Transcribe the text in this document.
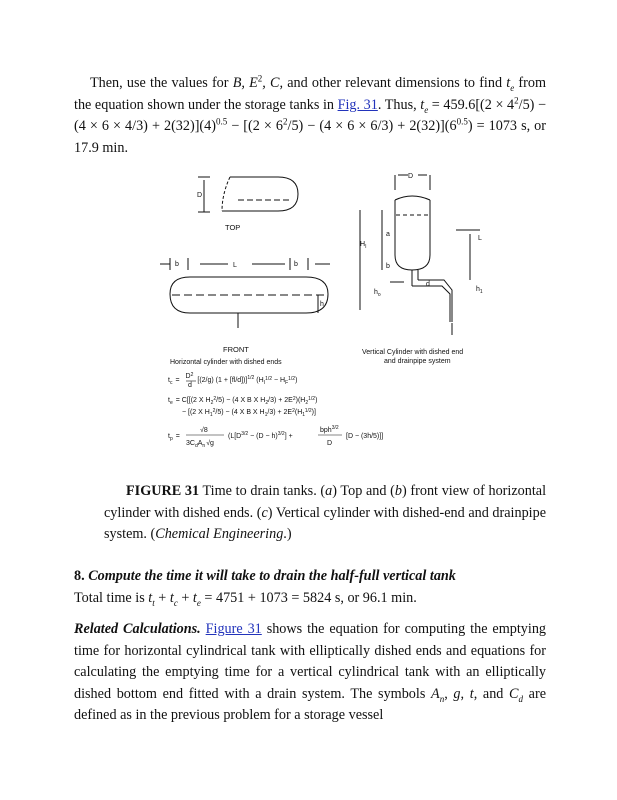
Then, use the values for B, $E^2$, C, and other relevant dimensions to find $t_e$ from the equation shown under the storage tanks in Fig. 31. Thus, $t_e = 459.6[(2 \times 4^2/5) - (4 \times 6 \times 4/3) + 2(32)](4)^{0.5} - [(2 \times 6^2/5) - (4 \times 6 \times 6/3) + 2(32)](6^{0.5}) = 1073$ s, or 17.9 min.

D
TOP
b	L	b
h
FRONT
Horizontal cylinder with dished ends
D
a
$H_I$
b
$h_o$
d
L
$h_1$
Vertical Cylinder with dished end
and drainpipe system
$t_c =D^2[(2/g) (1 + [fl/d])]^{1/2}$ $(H_I^{1/2} - H_F^{1/2})$
d
$t_e = C[[(2$ X $H_2^2/5) - (4$ X B X $H_2/3) + 2E^2)(H_2^{1/2})$
− [(2 X $H_1^2/5) - (4$ X B X $H_1/3) + 2E^2(H_1^{1/2})$]
$t_p$ =
√8
$3C_dA_n√g$
($L[D^{3/2} - (D - h)^{3/2}]$ +
bph$^{3/2}$
D
[D − (3h/5)]]

FIGURE 31 Time to drain tanks. (a) Top and (b) front view of horizontal cylinder with dished ends. (c) Vertical cylinder with dished-end and drainpipe system. (Chemical Engineering.)

8. Compute the time it will take to drain the half-full vertical tank
Total time is $t_t + t_c + t_e = 4751 + 1073 = 5824$ s, or 96.1 min.

Related Calculations. Figure 31 shows the equation for computing the emptying time for horizontal cylindrical tank with elliptically dished ends and equations for calculating the emptying time for a vertical cylindrical tank with an elliptically dished bottom end fitted with a drain system. The symbols $A_n$, g, t, and $C_d$ are defined as in the previous problem for a storage vessel
